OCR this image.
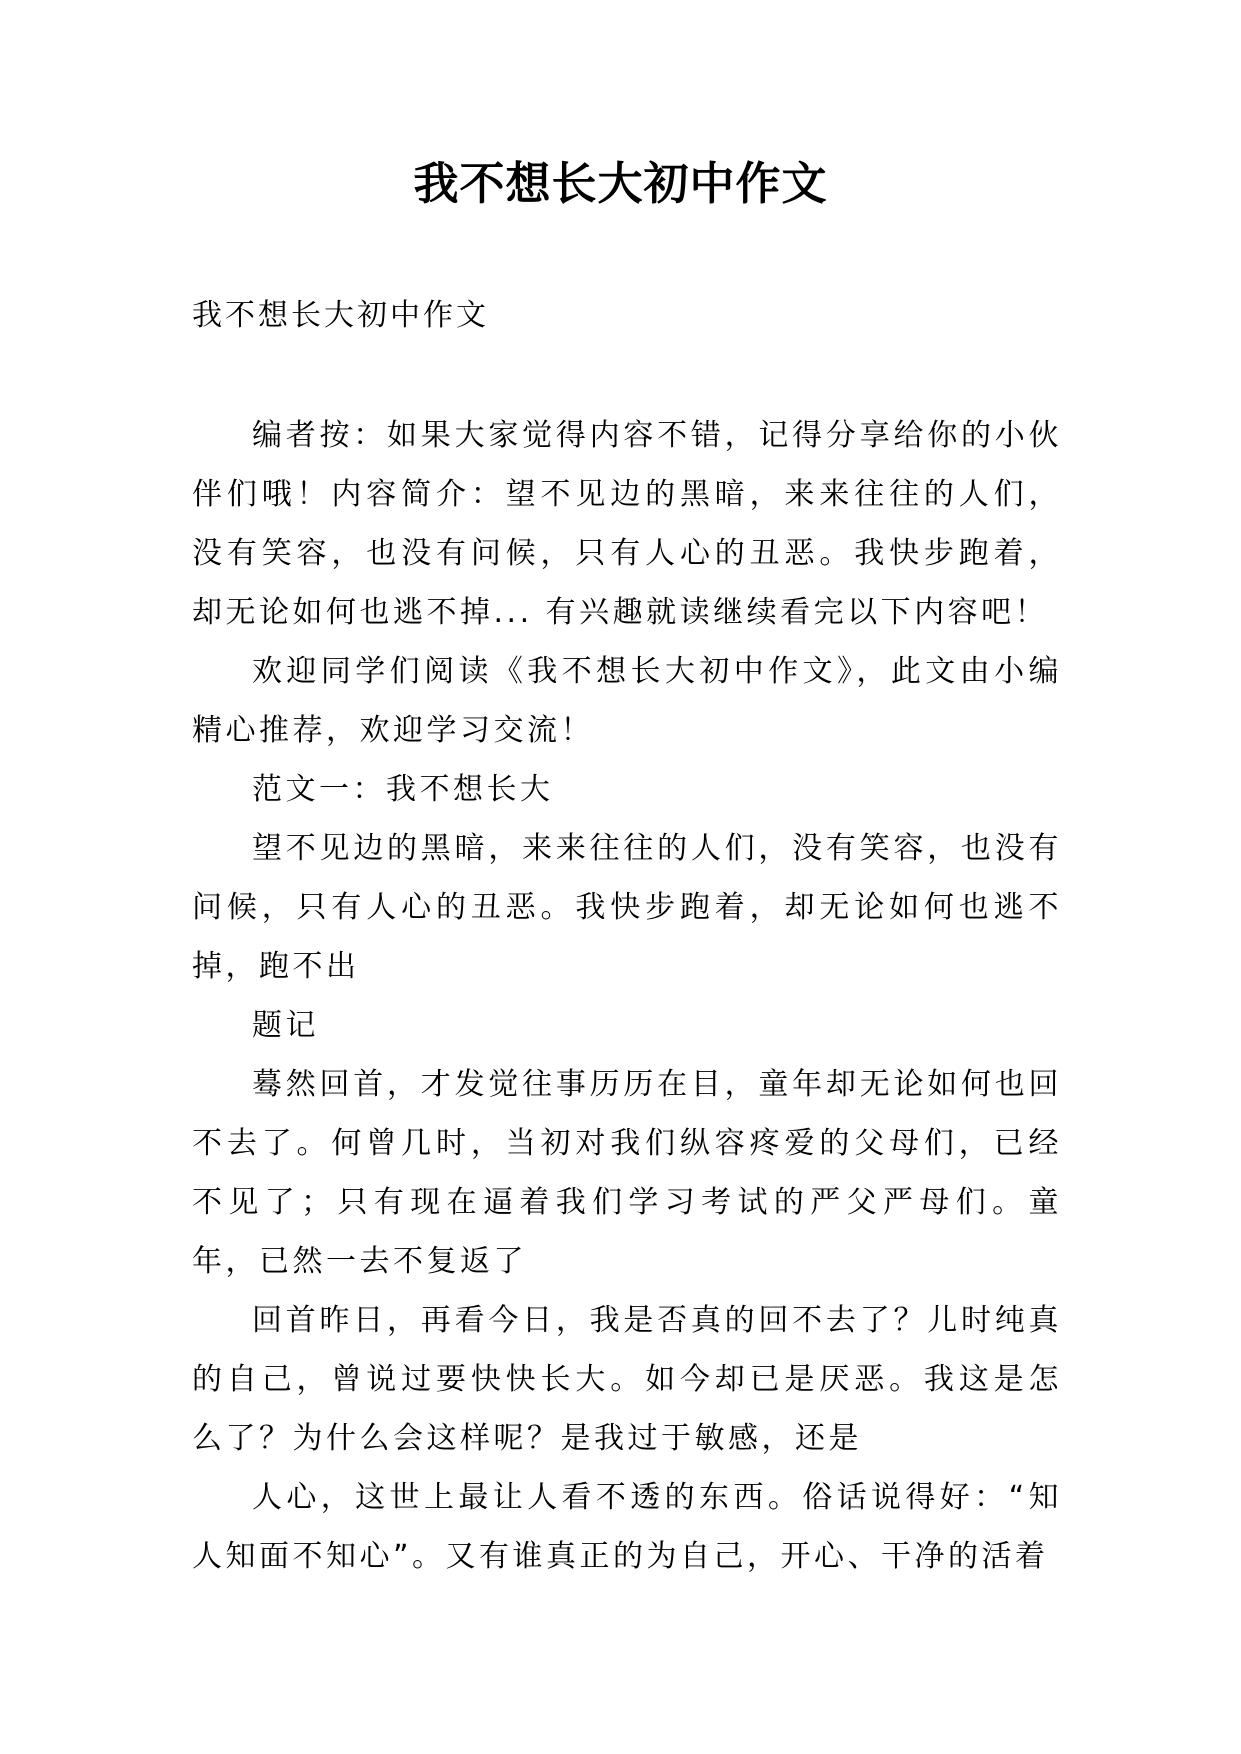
我不想长大初中作文
我不想长大初中作文

编者按：如果大家觉得内容不错，记得分享给你的小伙伴们哦！内容简介：望不见边的黑暗，来来往往的人们，没有笑容，也没有问候，只有人心的丑恶。我快步跑着，却无论如何也逃不掉... 有兴趣就读继续看完以下内容吧！

欢迎同学们阅读《我不想长大初中作文》，此文由小编精心推荐，欢迎学习交流！

范文一：我不想长大

望不见边的黑暗，来来往往的人们，没有笑容，也没有问候，只有人心的丑恶。我快步跑着，却无论如何也逃不掉，跑不出

题记

蓦然回首，才发觉往事历历在目，童年却无论如何也回不去了。何曾几时，当初对我们纵容疼爱的父母们，已经不见了；只有现在逼着我们学习考试的严父严母们。童年，已然一去不复返了

回首昨日，再看今日，我是否真的回不去了？儿时纯真的自己，曾说过要快快长大。如今却已是厌恶。我这是怎么了？为什么会这样呢？是我过于敏感，还是

人心，这世上最让人看不透的东西。俗话说得好：“知人知面不知心”。又有谁真正的为自己，开心、干净的活着
